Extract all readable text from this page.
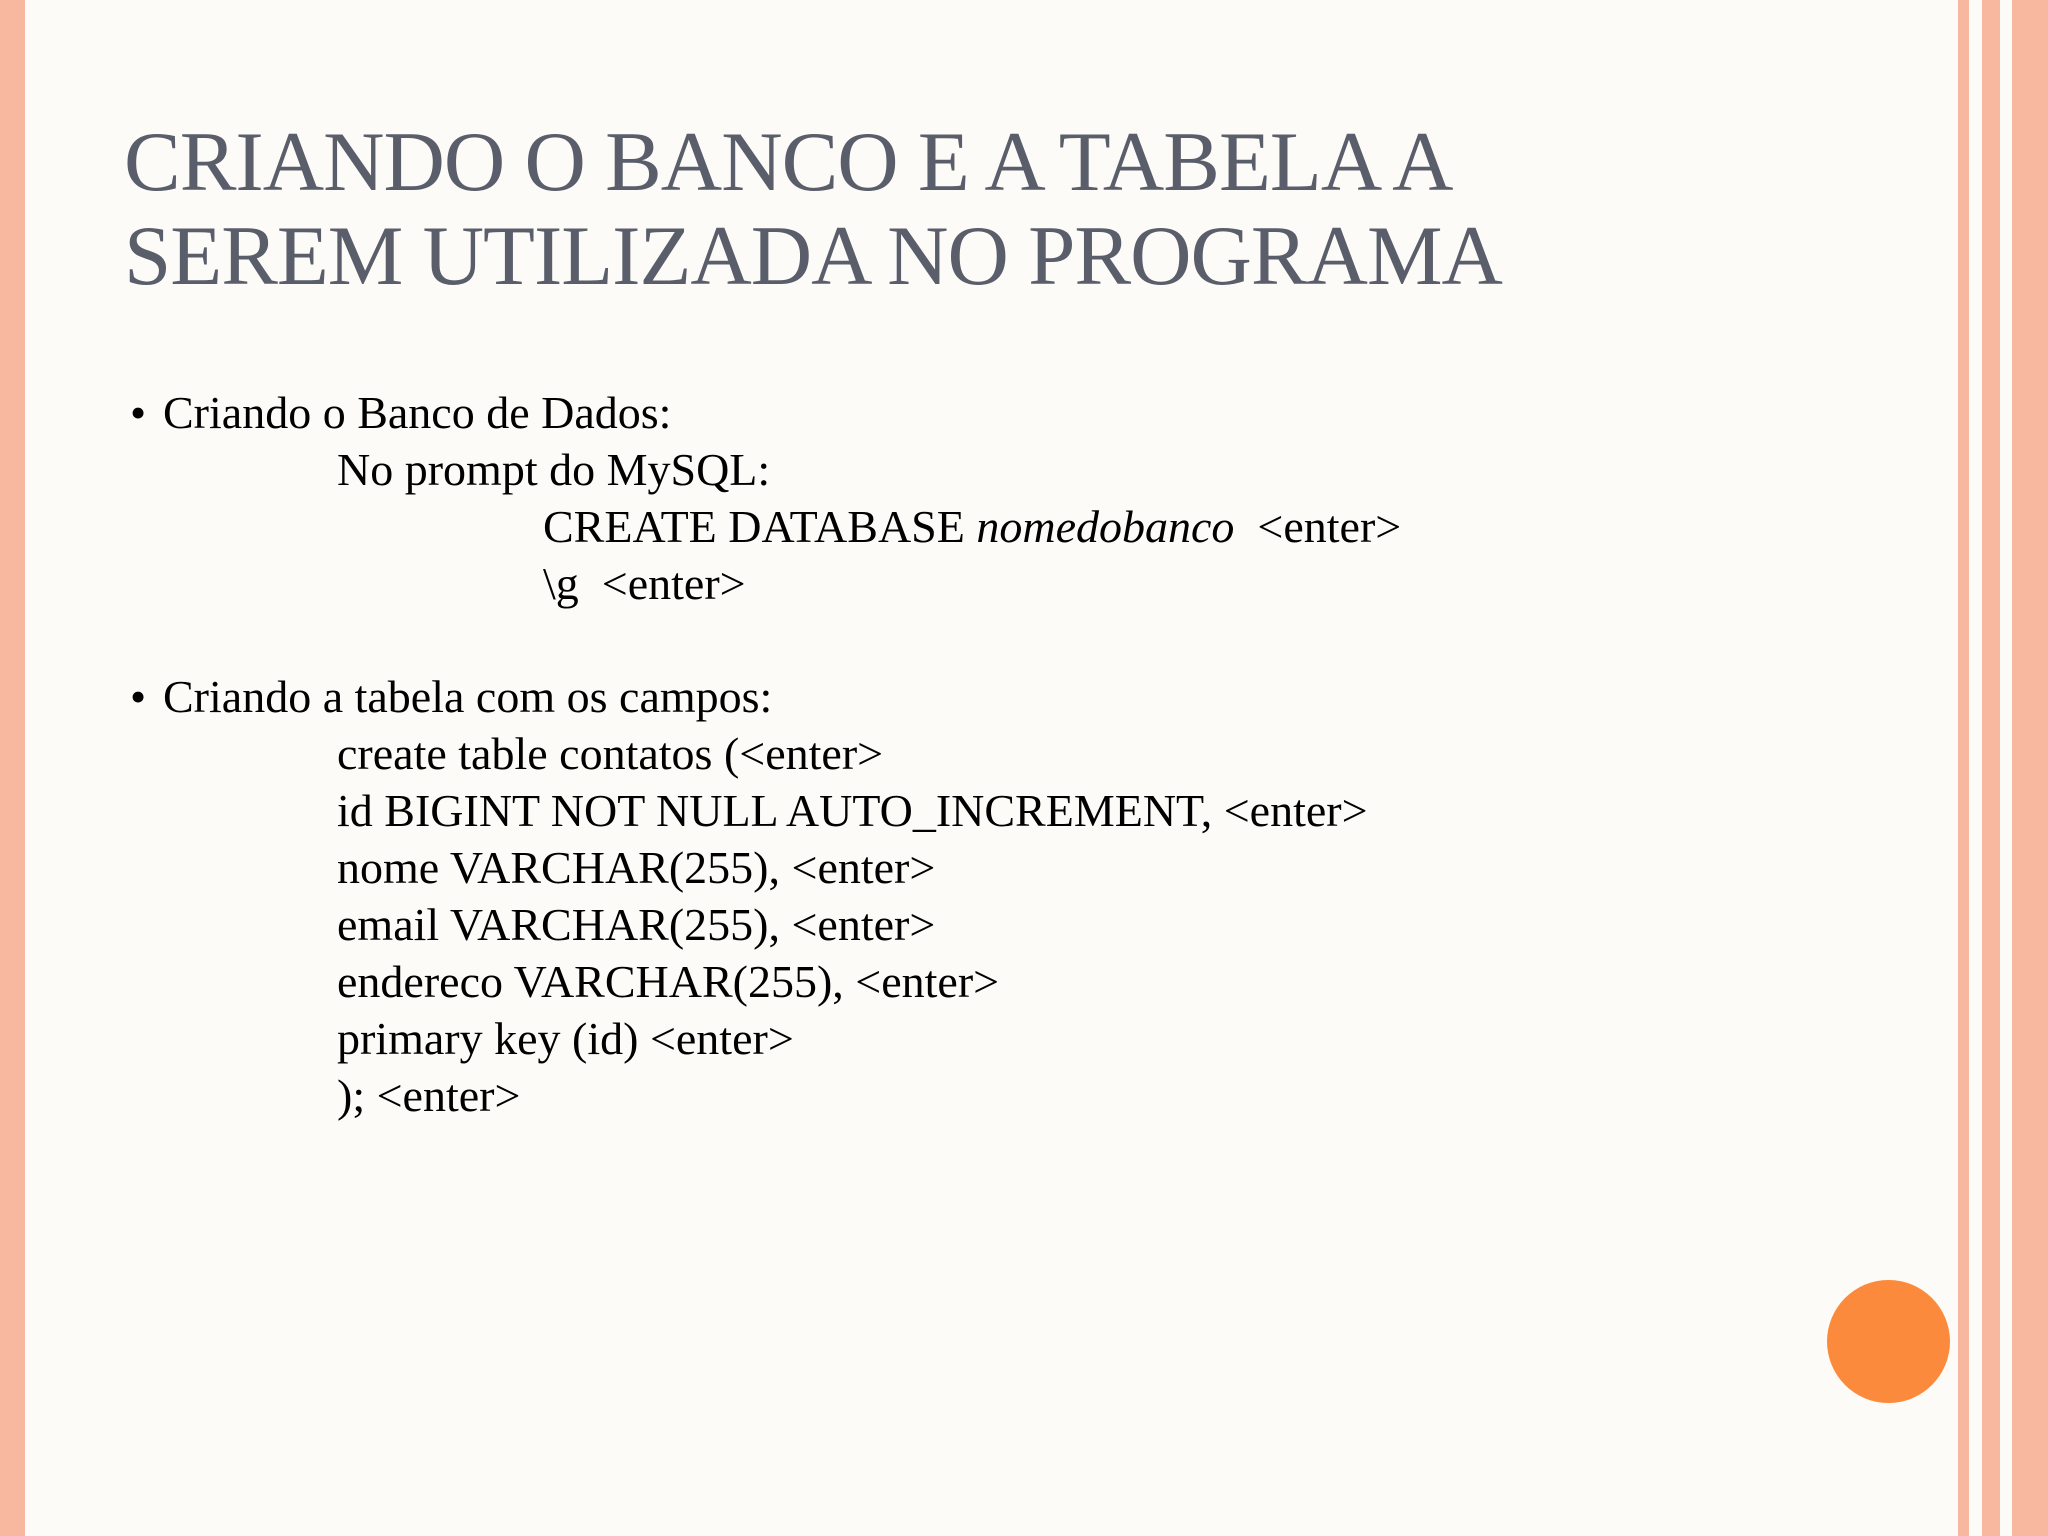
CRIANDO O BANCO E A TABELA A
SEREM UTILIZADA NO PROGRAMA
• Criando o Banco de Dados:
No prompt do MySQL:
CREATE DATABASE nomedobanco  <enter>
\g  <enter>
• Criando a tabela com os campos:
create table contatos (<enter>
id BIGINT NOT NULL AUTO_INCREMENT, <enter>
nome VARCHAR(255), <enter>
email VARCHAR(255), <enter>
endereco VARCHAR(255), <enter>
primary key (id) <enter>
); <enter>
